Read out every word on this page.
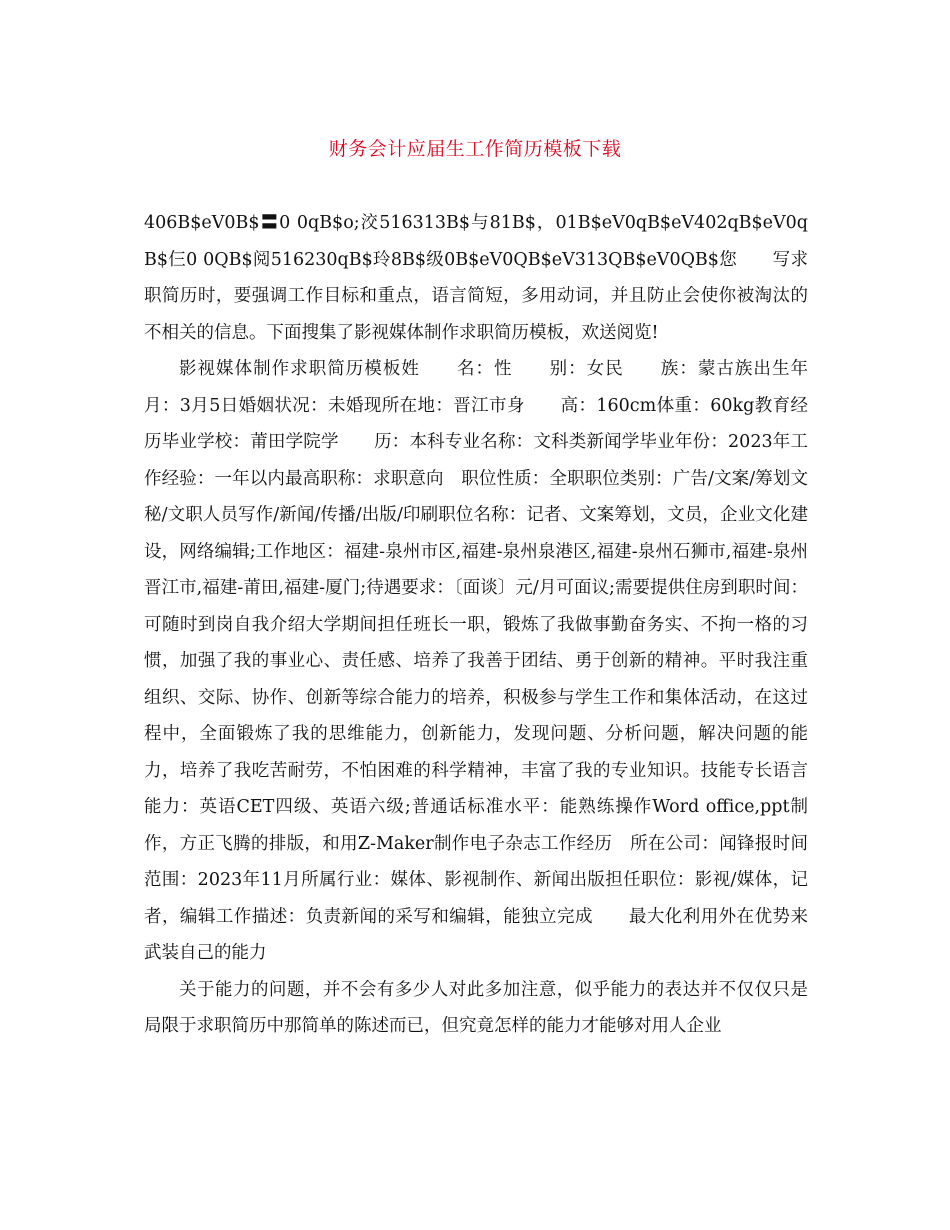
财务会计应届生工作简历模板下载

406B$eV0B$〓0 0qB$o;洨516313B$与81B$，01B$eV0qB$eV402qB$eV0qB$仨0 0QB$阅516230qB$玲8B$级0B$eV0QB$eV313QB$eV0QB$您　　写求职简历时，要强调工作目标和重点，语言简短，多用动词，并且防止会使你被淘汰的不相关的信息。下面搜集了影视媒体制作求职简历模板，欢送阅览!

影视媒体制作求职简历模板姓　　名：性　　别：女民　　族：蒙古族出生年月：3月5日婚姻状况：未婚现所在地：晋江市身　　高：160cm体重：60kg教育经历毕业学校：莆田学院学　　历：本科专业名称：文科类新闻学毕业年份：2023年工作经验：一年以内最高职称：求职意向　职位性质：全职职位类别：广告/文案/筹划文秘/文职人员写作/新闻/传播/出版/印刷职位名称：记者、文案筹划，文员，企业文化建设，网络编辑;工作地区：福建-泉州市区,福建-泉州泉港区,福建-泉州石狮市,福建-泉州晋江市,福建-莆田,福建-厦门;待遇要求：〔面谈〕元/月可面议;需要提供住房到职时间：可随时到岗自我介绍大学期间担任班长一职，锻炼了我做事勤奋务实、不拘一格的习惯，加强了我的事业心、责任感、培养了我善于团结、勇于创新的精神。平时我注重组织、交际、协作、创新等综合能力的培养，积极参与学生工作和集体活动，在这过程中，全面锻炼了我的思维能力，创新能力，发现问题、分析问题，解决问题的能力，培养了我吃苦耐劳，不怕困难的科学精神，丰富了我的专业知识。技能专长语言能力：英语CET四级、英语六级;普通话标准水平：能熟练操作Word office,ppt制作，方正飞腾的排版，和用Z-Maker制作电子杂志工作经历　所在公司：闻锋报时间范围：2023年11月所属行业：媒体、影视制作、新闻出版担任职位：影视/媒体，记者，编辑工作描述：负责新闻的采写和编辑，能独立完成　　最大化利用外在优势来武装自己的能力

关于能力的问题，并不会有多少人对此多加注意，似乎能力的表达并不仅仅只是局限于求职简历中那简单的陈述而已，但究竟怎样的能力才能够对用人企业
